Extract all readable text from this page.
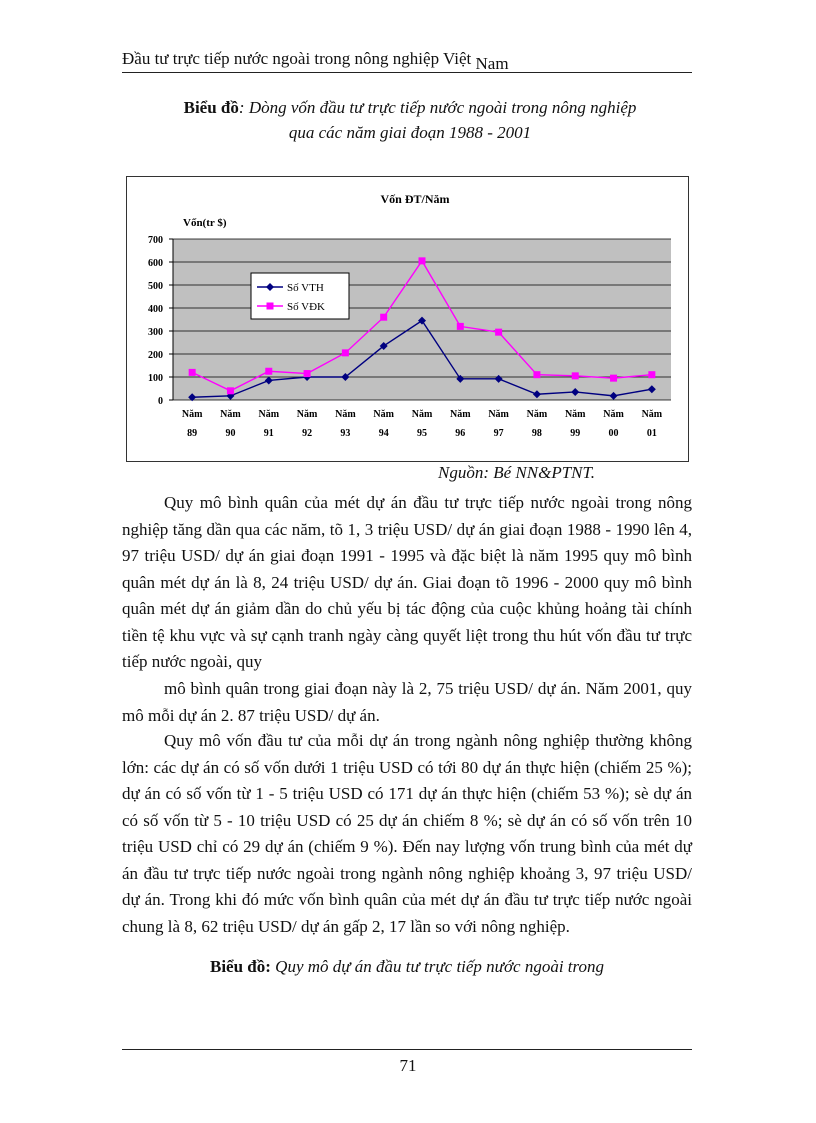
Đầu tư trực tiếp nước ngoài trong nông nghiệp Việt Nam
Biểu đồ: Dòng vốn đầu tư trực tiếp nước ngoài trong nông nghiệp
qua các năm giai đoạn 1988 - 2001
Vốn ĐT/Năm
Vốn(tr $)
0
100
200
300
400
500
600
700
Năm
89
Năm
90
Năm
91
Năm
92
Năm
93
Năm
94
Năm
95
Năm
96
Năm
97
Năm
98
Năm
99
Năm
00
Năm
01
Số VTH
Số VĐK
Nguồn: Bé NN&PTNT.

Quy mô bình quân của mét dự án đầu tư trực tiếp nước ngoài trong nông nghiệp tăng dần qua các năm, tõ 1, 3 triệu USD/ dự án giai đoạn 1988 - 1990 lên 4, 97 triệu USD/ dự án giai đoạn 1991 - 1995 và đặc biệt là năm 1995 quy mô bình quân mét dự án là 8, 24 triệu USD/ dự án. Giai đoạn tõ 1996 - 2000 quy mô bình quân mét dự án giảm dần do chủ yếu bị tác động của cuộc khủng hoảng tài chính tiền tệ khu vực và sự cạnh tranh ngày càng quyết liệt trong thu hút vốn đầu tư trực tiếp nước ngoài, quy

mô bình quân trong giai đoạn này là 2, 75 triệu USD/ dự án. Năm 2001, quy mô mỗi dự án 2. 87 triệu USD/ dự án.

Quy mô vốn đầu tư của mỗi dự án trong ngành nông nghiệp thường không lớn: các dự án có số vốn dưới 1 triệu USD có tới 80 dự án thực hiện (chiếm 25 %); dự án có số vốn từ 1 - 5 triệu USD có 171 dự án thực hiện (chiếm 53 %); sè dự án có số vốn từ 5 - 10 triệu USD có 25 dự án chiếm 8 %; sè dự án có số vốn trên 10 triệu USD chỉ có 29 dự án (chiếm 9 %). Đến nay lượng vốn trung bình của mét dự án đầu tư trực tiếp nước ngoài trong ngành nông nghiệp khoảng 3, 97 triệu USD/ dự án. Trong khi đó mức vốn bình quân của mét dự án đầu tư trực tiếp nước ngoài chung là 8, 62 triệu USD/ dự án gấp 2, 17 lần so với nông nghiệp.

Biểu đồ: Quy mô dự án đầu tư trực tiếp nước ngoài trong
71
